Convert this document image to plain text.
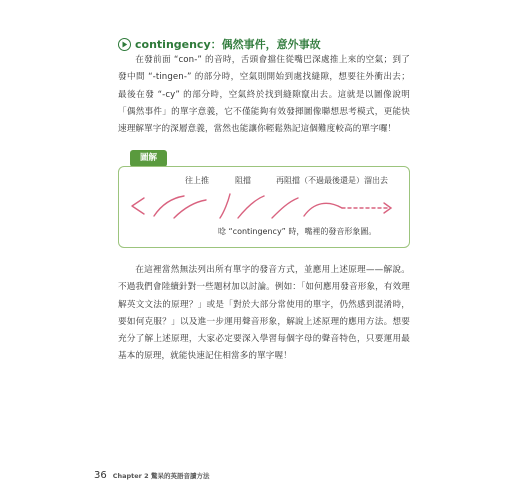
contingency：偶然事件，意外事故

在發前面 “con-” 的音時，舌頭會擋住從嘴巴深處推上來的空氣；到了發中間 “-tingen-” 的部分時，空氣則開始到處找縫隙，想要往外衝出去；最後在發 “-cy” 的部分時，空氣終於找到縫隙竄出去。這就是以圖像說明「偶然事件」的單字意義，它不僅能夠有效發揮圖像聯想思考模式，更能快速理解單字的深層意義，當然也能讓你輕鬆熟記這個難度較高的單字囉！

圖解
往上推	阻擋	再阻擋（不過最後還是）溜出去
唸 “contingency” 時，嘴裡的發音形象圖。

在這裡當然無法列出所有單字的發音方式，並應用上述原理——解說。不過我們會陸續針對一些題材加以討論。例如：「如何應用發音形象，有效理解英文文法的原理？」或是「對於大部分常使用的單字，仍然感到混淆時，要如何克服？」以及進一步運用聲音形象，解說上述原理的應用方法。想要充分了解上述原理，大家必定要深入學習每個字母的聲音特色，只要運用最基本的原理，就能快速記住相當多的單字喔！

36 Chapter 2 驚呆的英語音讀方法
